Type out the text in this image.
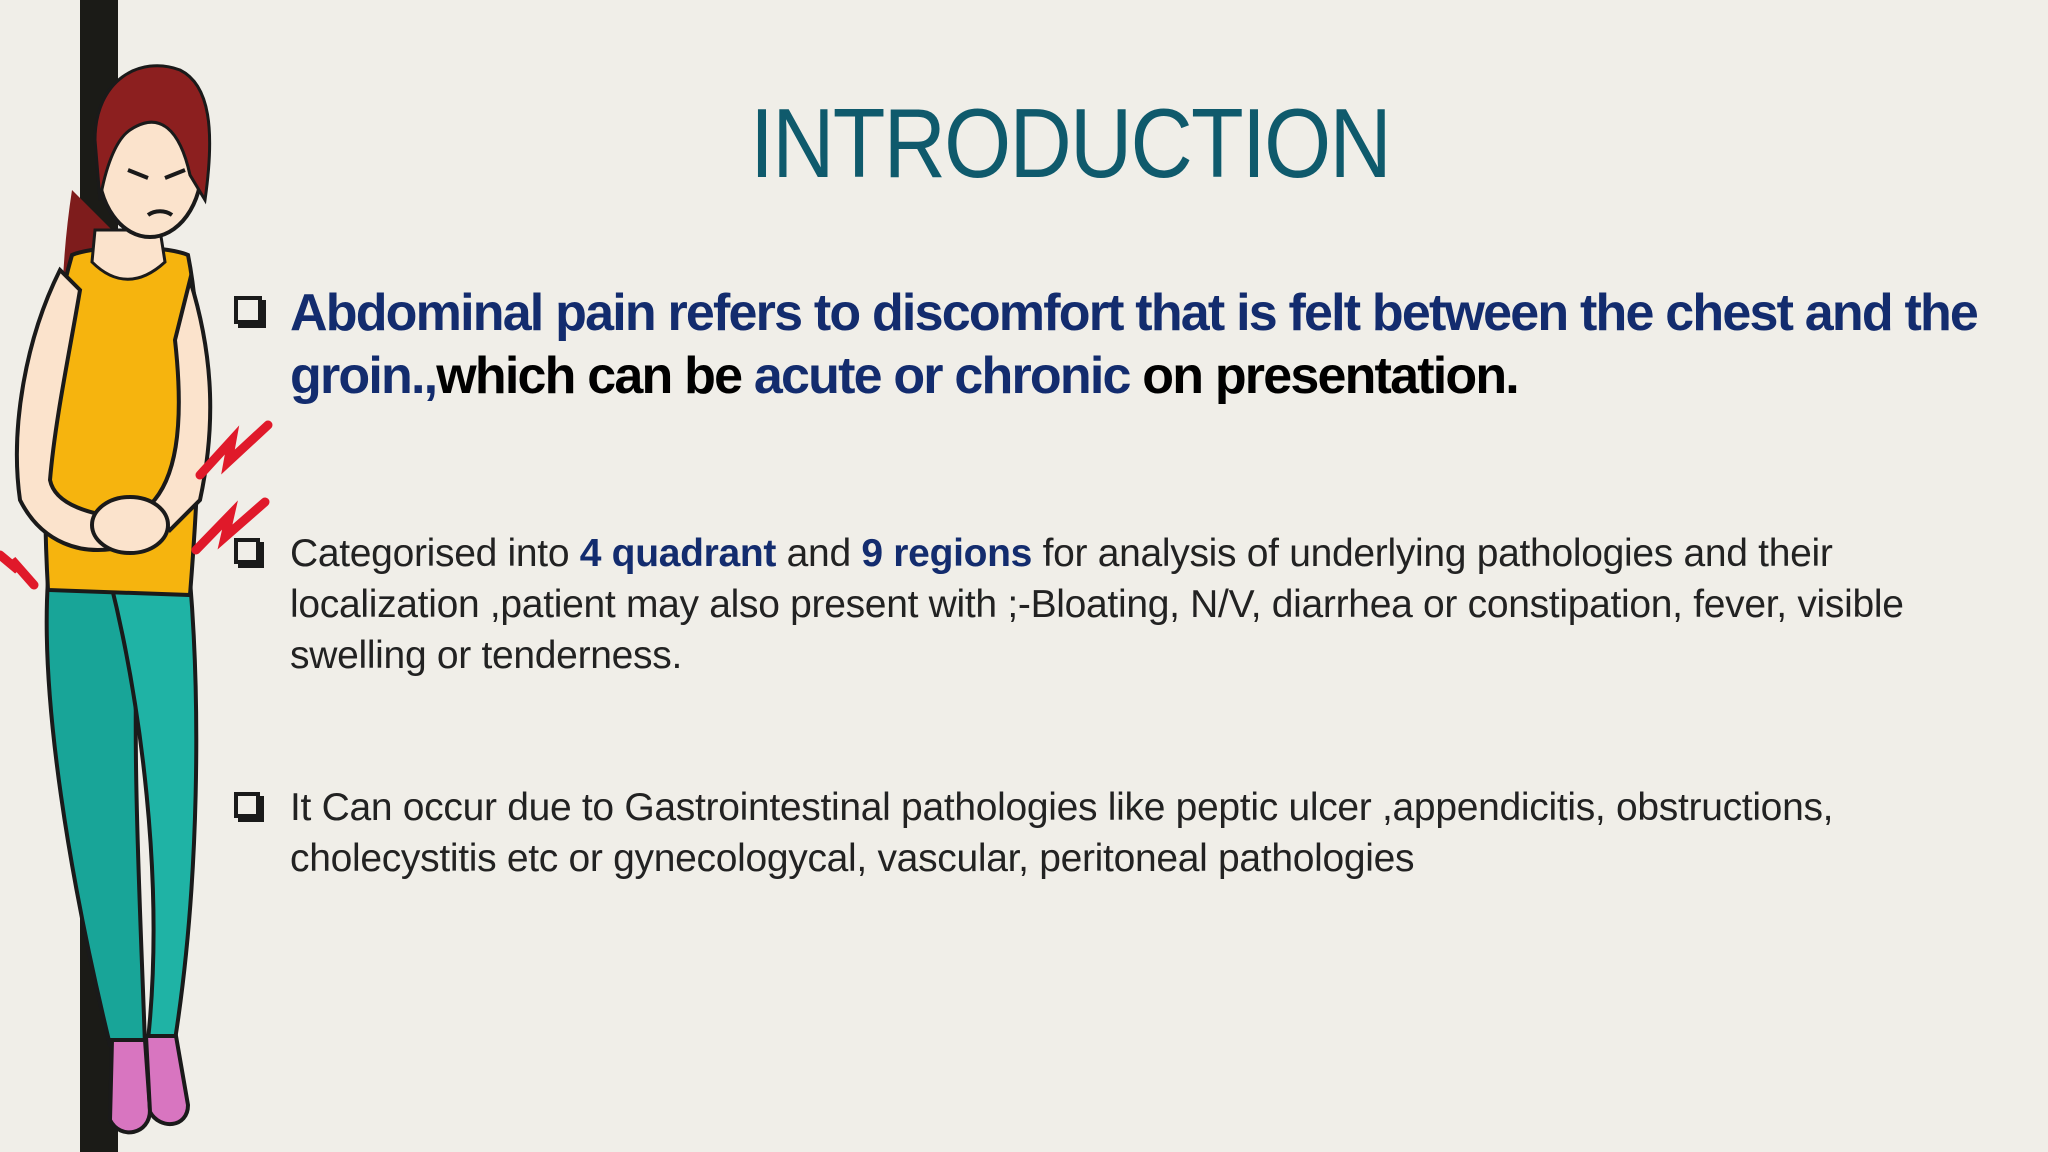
INTRODUCTION
Abdominal pain refers to discomfort that is felt between the chest and the groin.,which can be acute or chronic on presentation.
Categorised into 4 quadrant and 9 regions for analysis of underlying pathologies and their localization ,patient may also present with ;-Bloating, N/V, diarrhea or constipation, fever, visible swelling or tenderness.
It Can occur due to Gastrointestinal pathologies like peptic ulcer ,appendicitis, obstructions, cholecystitis etc or gynecologycal, vascular, peritoneal pathologies
